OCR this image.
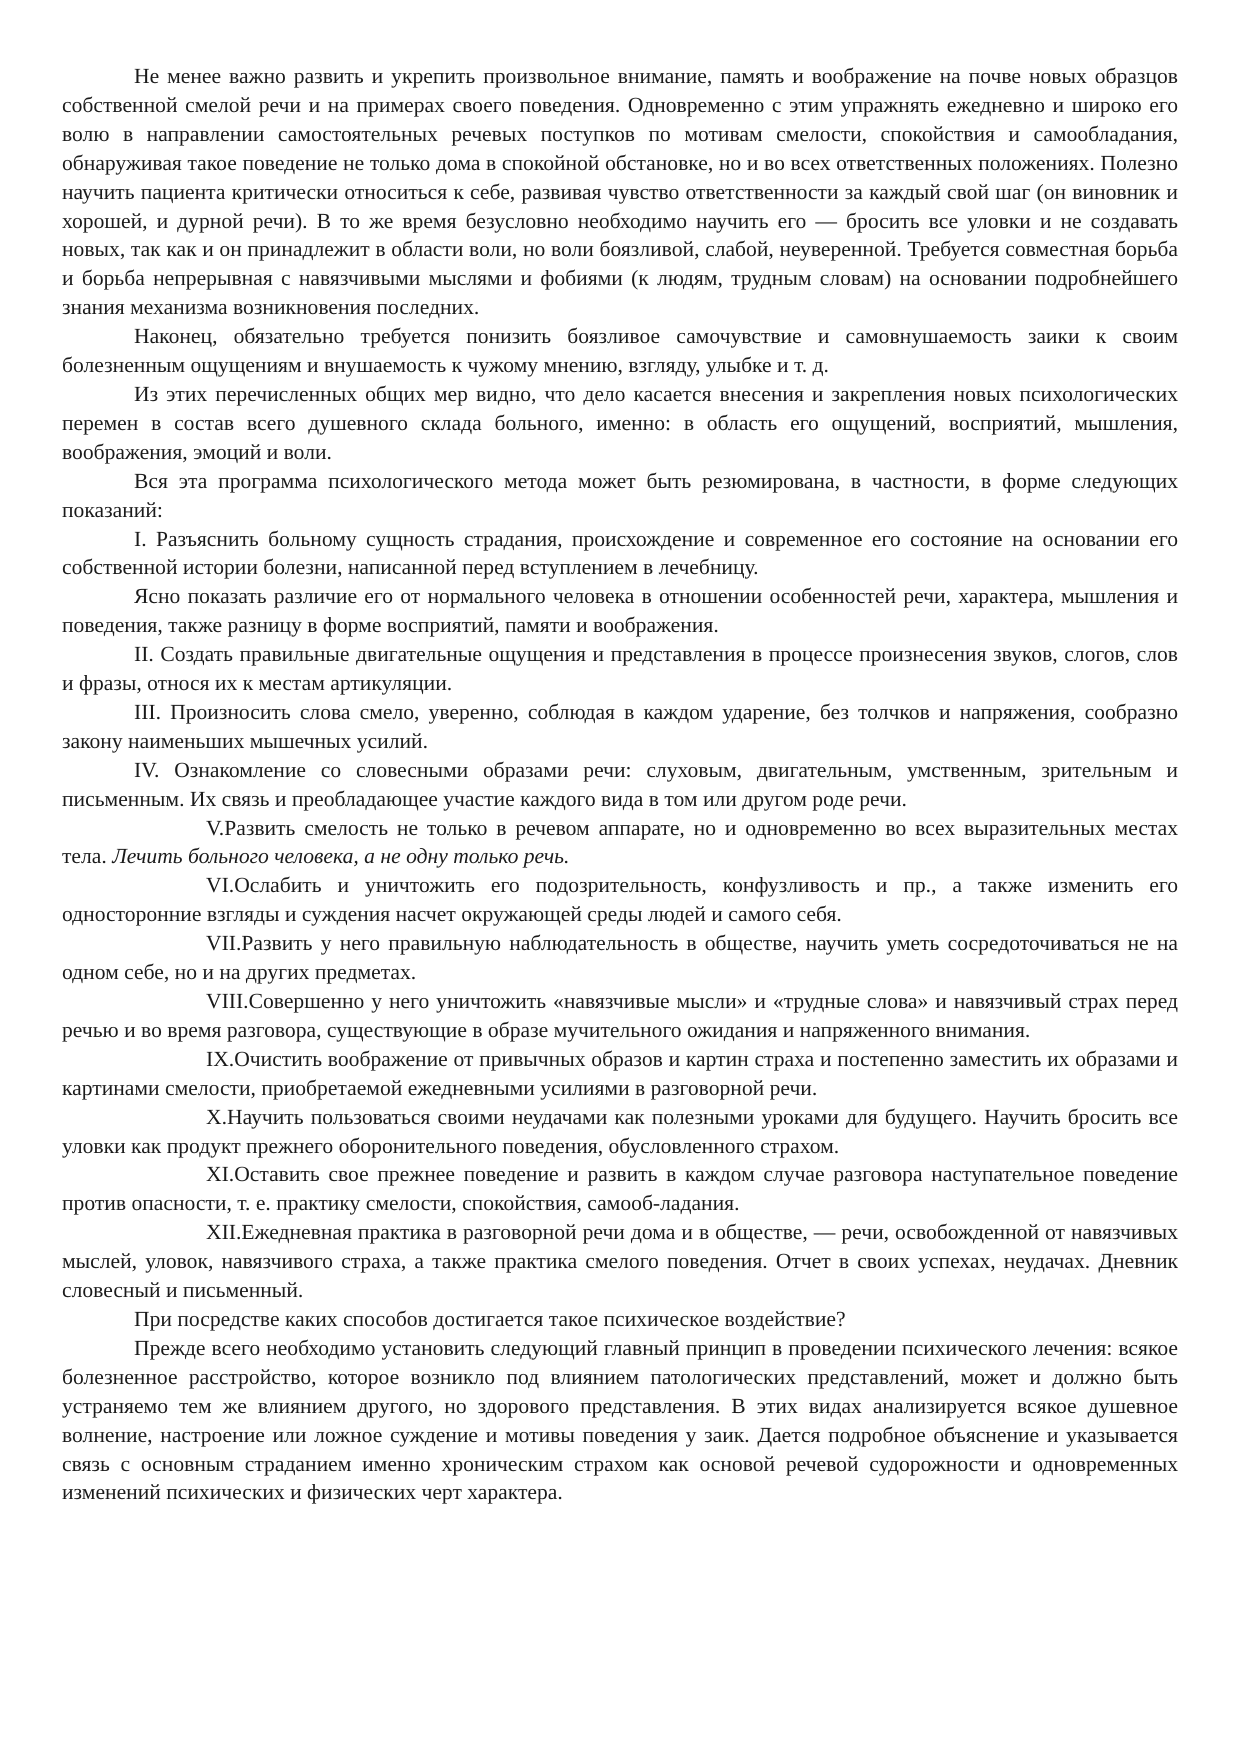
Не менее важно развить и укрепить произвольное внимание, память и воображение на почве новых образцов собственной смелой речи и на примерах своего поведения. Одновременно с этим упражнять ежедневно и широко его волю в направлении самостоятельных речевых поступков по мотивам смелости, спокойствия и самообладания, обнаруживая такое поведение не только дома в спокойной обстановке, но и во всех ответственных положениях. Полезно научить пациента критически относиться к себе, развивая чувство ответственности за каждый свой шаг (он виновник и хорошей, и дурной речи). В то же время безусловно необходимо научить его — бросить все уловки и не создавать новых, так как и он принадлежит в области воли, но воли боязливой, слабой, неуверенной. Требуется совместная борьба и борьба непрерывная с навязчивыми мыслями и фобиями (к людям, трудным словам) на основании подробнейшего знания механизма возникновения последних.

Наконец, обязательно требуется понизить боязливое самочувствие и самовнушаемость заики к своим болезненным ощущениям и внушаемость к чужому мнению, взгляду, улыбке и т. д.

Из этих перечисленных общих мер видно, что дело касается внесения и закрепления новых психологических перемен в состав всего душевного склада больного, именно: в область его ощущений, восприятий, мышления, воображения, эмоций и воли.

Вся эта программа психологического метода может быть резюмирована, в частности, в форме следующих показаний:

I. Разъяснить больному сущность страдания, происхождение и современное его состояние на основании его собственной истории болезни, написанной перед вступлением в лечебницу.

Ясно показать различие его от нормального человека в отношении особенностей речи, характера, мышления и поведения, также разницу в форме восприятий, памяти и воображения.

II. Создать правильные двигательные ощущения и представления в процессе произнесения звуков, слогов, слов и фразы, относя их к местам артикуляции.

III. Произносить слова смело, уверенно, соблюдая в каждом ударение, без толчков и напряжения, сообразно закону наименьших мышечных усилий.

IV. Ознакомление со словесными образами речи: слуховым, двигательным, умственным, зрительным и письменным. Их связь и преобладающее участие каждого вида в том или другом роде речи.

V.Развить смелость не только в речевом аппарате, но и одновременно во всех выразительных местах тела. Лечить больного человека, а не одну только речь.

VI.Ослабить и уничтожить его подозрительность, конфузливость и пр., а также изменить его односторонние взгляды и суждения насчет окружающей среды людей и самого себя.

VII.Развить у него правильную наблюдательность в обществе, научить уметь сосредоточиваться не на одном себе, но и на других предметах.

VIII.Совершенно у него уничтожить «навязчивые мысли» и «трудные слова» и навязчивый страх перед речью и во время разговора, существующие в образе мучительного ожидания и напряженного внимания.

IX.Очистить воображение от привычных образов и картин страха и постепенно заместить их образами и картинами смелости, приобретаемой ежедневными усилиями в разговорной речи.

X.Научить пользоваться своими неудачами как полезными уроками для будущего. Научить бросить все уловки как продукт прежнего оборонительного поведения, обусловленного страхом.

XI.Оставить свое прежнее поведение и развить в каждом случае разговора наступательное поведение против опасности, т. е. практику смелости, спокойствия, самооб-ладания.

XII.Ежедневная практика в разговорной речи дома и в обществе, — речи, освобожденной от навязчивых мыслей, уловок, навязчивого страха, а также практика смелого поведения. Отчет в своих успехах, неудачах. Дневник словесный и письменный.

При посредстве каких способов достигается такое психическое воздействие?

Прежде всего необходимо установить следующий главный принцип в проведении психического лечения: всякое болезненное расстройство, которое возникло под влиянием патологических представлений, может и должно быть устраняемо тем же влиянием другого, но здорового представления. В этих видах анализируется всякое душевное волнение, настроение или ложное суждение и мотивы поведения у заик. Дается подробное объяснение и указывается связь с основным страданием именно хроническим страхом как основой речевой судорожности и одновременных изменений психических и физических черт характера.
